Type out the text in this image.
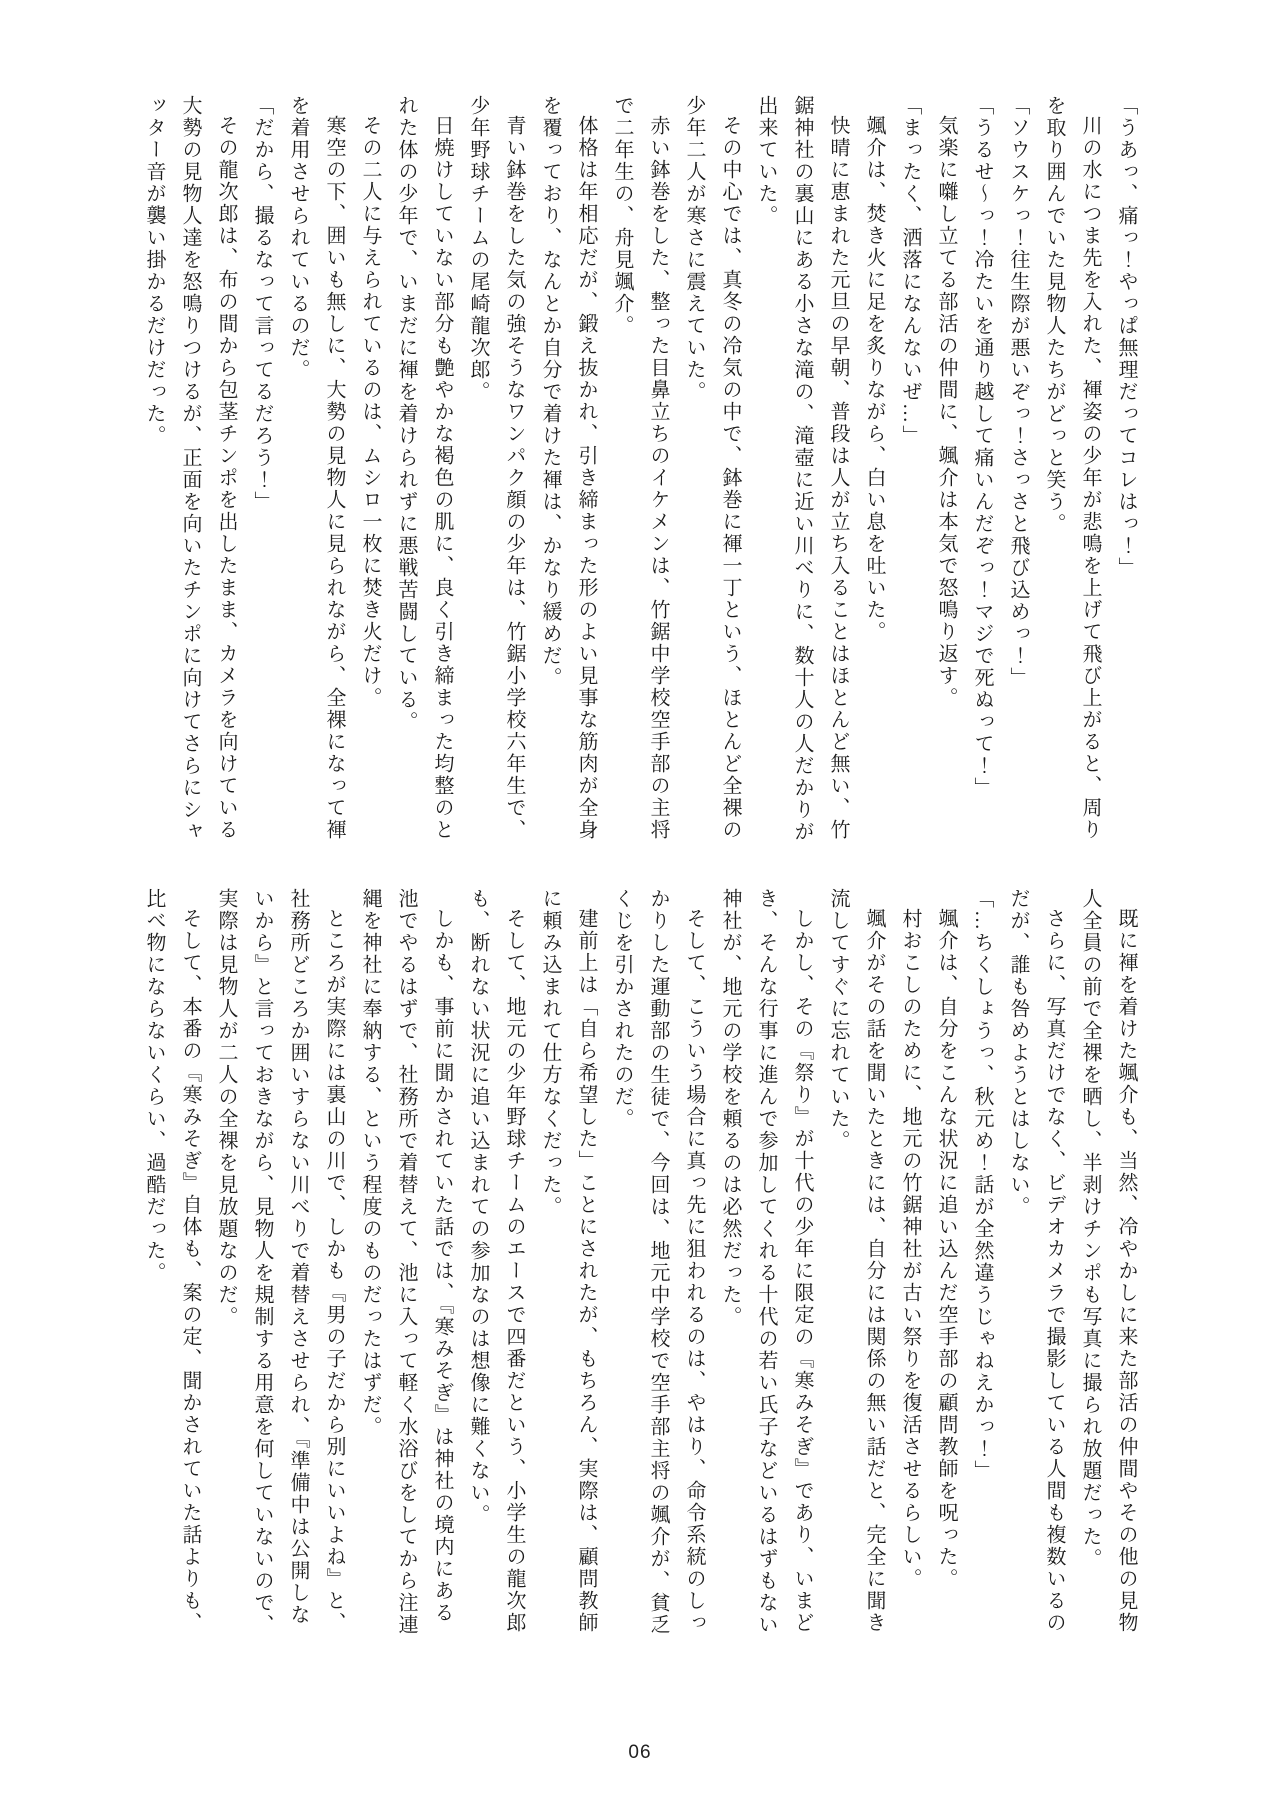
「うあっ、痛っ！やっぱ無理だってコレはっ！」

川の水につま先を入れた、褌姿の少年が悲鳴を上げて飛び上がると、周りを取り囲んでいた見物人たちがどっと笑う。

「ソウスケっ！往生際が悪いぞっ！さっさと飛び込めっ！」

「うるせ〜っ！冷たいを通り越して痛いんだぞっ！マジで死ぬって！」

気楽に囃し立てる部活の仲間に、颯介は本気で怒鳴り返す。

「まったく、洒落になんないぜ…」

颯介は、焚き火に足を炙りながら、白い息を吐いた。

快晴に恵まれた元旦の早朝、普段は人が立ち入ることはほとんど無い、竹鋸神社の裏山にある小さな滝の、滝壺に近い川べりに、数十人の人だかりが出来ていた。

その中心では、真冬の冷気の中で、鉢巻に褌一丁という、ほとんど全裸の少年二人が寒さに震えていた。

赤い鉢巻をした、整った目鼻立ちのイケメンは、竹鋸中学校空手部の主将で二年生の、舟見颯介。

体格は年相応だが、鍛え抜かれ、引き締まった形のよい見事な筋肉が全身を覆っており、なんとか自分で着けた褌は、かなり緩めだ。

青い鉢巻をした気の強そうなワンパク顔の少年は、竹鋸小学校六年生で、少年野球チームの尾崎龍次郎。

日焼けしていない部分も艶やかな褐色の肌に、良く引き締まった均整のとれた体の少年で、いまだに褌を着けられずに悪戦苦闘している。

その二人に与えられているのは、ムシロ一枚に焚き火だけ。

寒空の下、囲いも無しに、大勢の見物人に見られながら、全裸になって褌を着用させられているのだ。

「だから、撮るなって言ってるだろう！」

その龍次郎は、布の間から包茎チンポを出したまま、カメラを向けている大勢の見物人達を怒鳴りつけるが、正面を向いたチンポに向けてさらにシャッター音が襲い掛かるだけだった。

既に褌を着けた颯介も、当然、冷やかしに来た部活の仲間やその他の見物人全員の前で全裸を晒し、半剥けチンポも写真に撮られ放題だった。

さらに、写真だけでなく、ビデオカメラで撮影している人間も複数いるのだが、誰も咎めようとはしない。

「…ちくしょうっ、秋元め！話が全然違うじゃねえかっ！」

颯介は、自分をこんな状況に追い込んだ空手部の顧問教師を呪った。

村おこしのために、地元の竹鋸神社が古い祭りを復活させるらしい。

颯介がその話を聞いたときには、自分には関係の無い話だと、完全に聞き流してすぐに忘れていた。

しかし、その『祭り』が十代の少年に限定の『寒みそぎ』であり、いまどき、そんな行事に進んで参加してくれる十代の若い氏子などいるはずもない神社が、地元の学校を頼るのは必然だった。

そして、こういう場合に真っ先に狙われるのは、やはり、命令系統のしっかりした運動部の生徒で、今回は、地元中学校で空手部主将の颯介が、貧乏くじを引かされたのだ。

建前上は「自ら希望した」ことにされたが、もちろん、実際は、顧問教師に頼み込まれて仕方なくだった。

そして、地元の少年野球チームのエースで四番だという、小学生の龍次郎も、断れない状況に追い込まれての参加なのは想像に難くない。

しかも、事前に聞かされていた話では、『寒みそぎ』は神社の境内にある池でやるはずで、社務所で着替えて、池に入って軽く水浴びをしてから注連縄を神社に奉納する、という程度のものだったはずだ。

ところが実際には裏山の川で、しかも『男の子だから別にいいよね』と、社務所どころか囲いすらない川べりで着替えさせられ、『準備中は公開しないから』と言っておきながら、見物人を規制する用意を何していないので、実際は見物人が二人の全裸を見放題なのだ。

そして、本番の『寒みそぎ』自体も、案の定、聞かされていた話よりも、比べ物にならないくらい、過酷だった。

06
